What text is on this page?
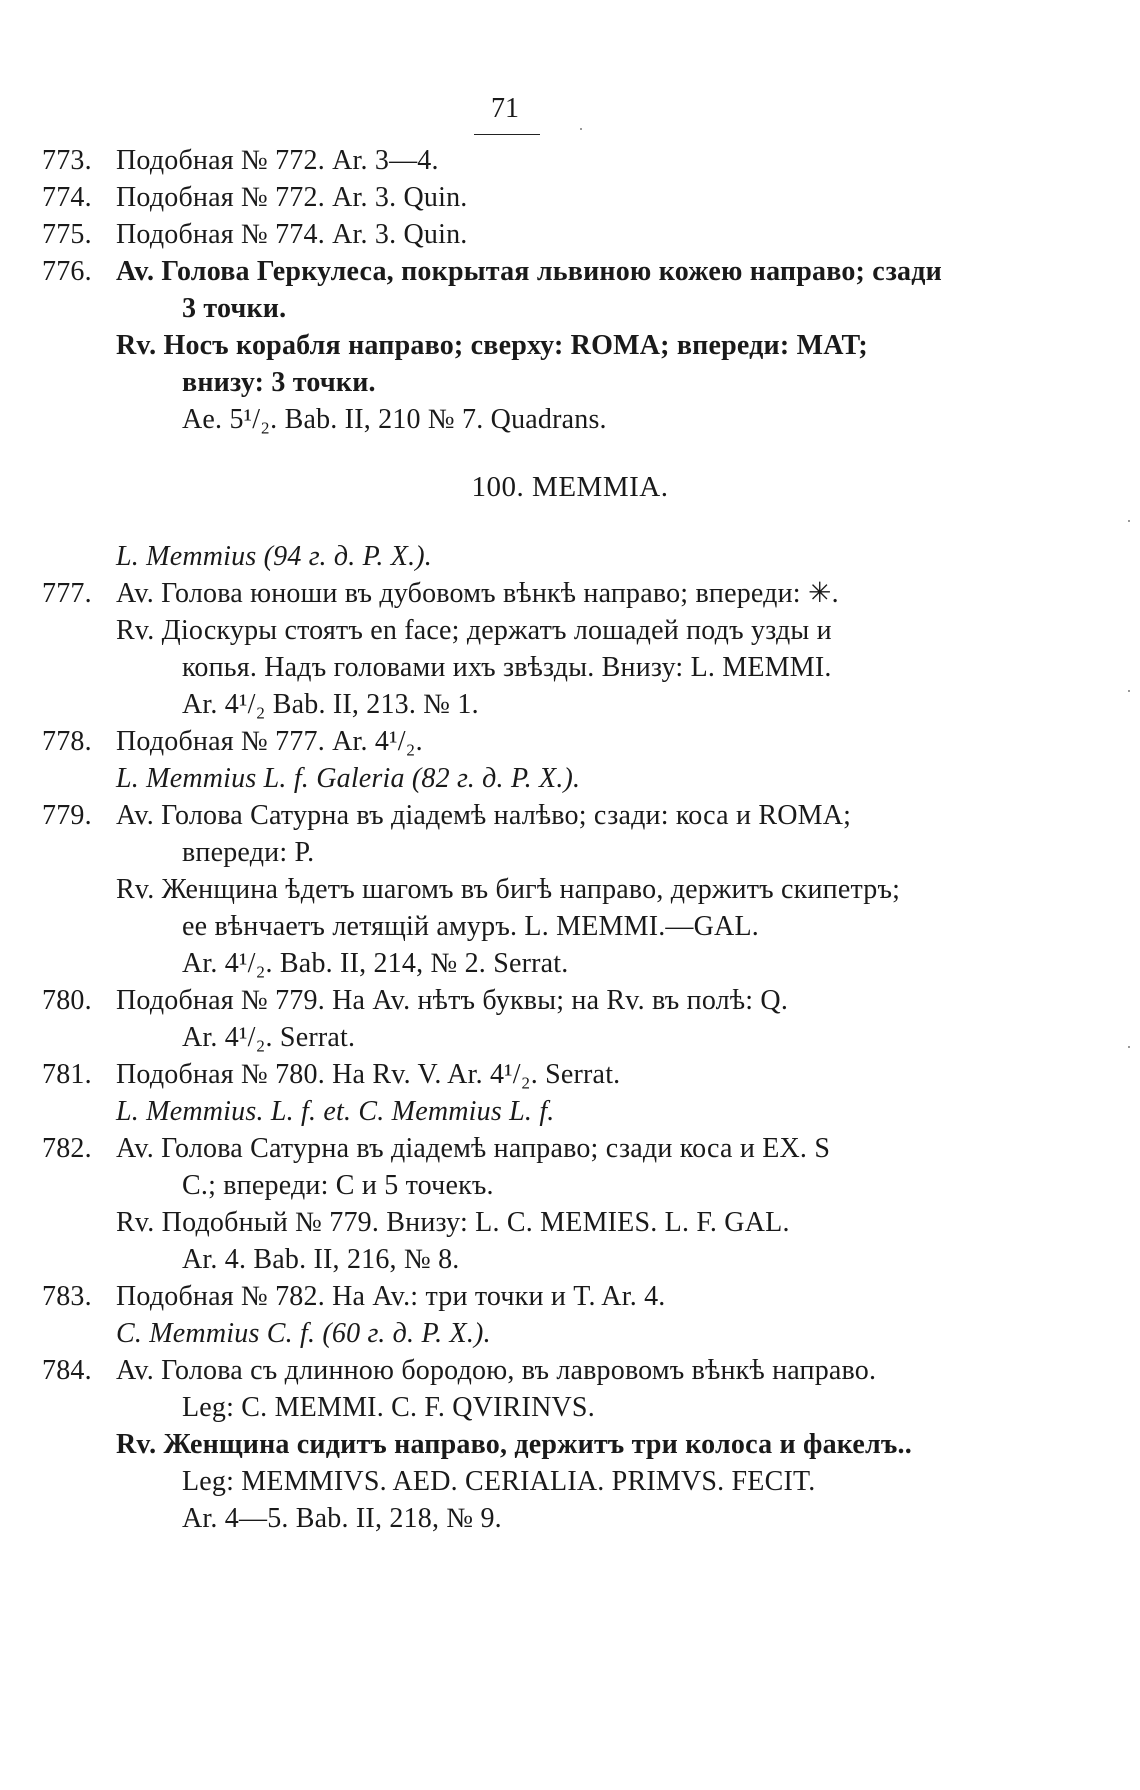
71
773. Подобная № 772. Ar. 3—4.
774. Подобная № 772. Ar. 3. Quin.
775. Подобная № 774. Ar. 3. Quin.
776. Av. Голова Геркулеса, покрытая львиною кожею направо; сзади
3 точки.
Rv. Носъ корабля направо; сверху: ROMA; впереди: MAT;
внизу: 3 точки.
Ae. 5¹/₂. Bab. II, 210 № 7. Quadrans.
100. MEMMIA.
L. Memmius (94 г. д. P. X.).
777. Av. Голова юноши въ дубовомъ вѣнкѣ направо; впереди: ✳.
Rv. Діоскуры стоятъ en face; держатъ лошадей подъ узды и
копья. Надъ головами ихъ звѣзды. Внизу: L. MEMMI.
Ar. 4¹/₂ Bab. II, 213. № 1.
778. Подобная № 777. Ar. 4¹/₂.
L. Memmius L. f. Galeria (82 г. д. P. X.).
779. Av. Голова Сатурна въ діадемѣ налѣво; сзади: коса и ROMA;
впереди: P.
Rv. Женщина ѣдетъ шагомъ въ бигѣ направо, держитъ скипетръ;
ее вѣнчаетъ летящій амуръ. L. MEMMI.—GAL.
Ar. 4¹/₂. Bab. II, 214, № 2. Serrat.
780. Подобная № 779. На Av. нѣтъ буквы; на Rv. въ полѣ: Q.
Ar. 4¹/₂. Serrat.
781. Подобная № 780. На Rv. V. Ar. 4¹/₂. Serrat.
L. Memmius. L. f. et. C. Memmius L. f.
782. Av. Голова Сатурна въ діадемѣ направо; сзади коса и EX. S
C.; впереди: C и 5 точекъ.
Rv. Подобный № 779. Внизу: L. C. MEMIES. L. F. GAL.
Ar. 4. Bab. II, 216, № 8.
783. Подобная № 782. На Av.: три точки и T. Ar. 4.
C. Memmius C. f. (60 г. д. P. X.).
784. Av. Голова съ длинною бородою, въ лавровомъ вѣнкѣ направо.
Leg: C. MEMMI. C. F. QVIRINVS.
Rv. Женщина сидитъ направо, держитъ три колоса и факелъ..
Leg: MEMMIVS. AED. CERIALIA. PRIMVS. FECIT.
Ar. 4—5. Bab. II, 218, № 9.
